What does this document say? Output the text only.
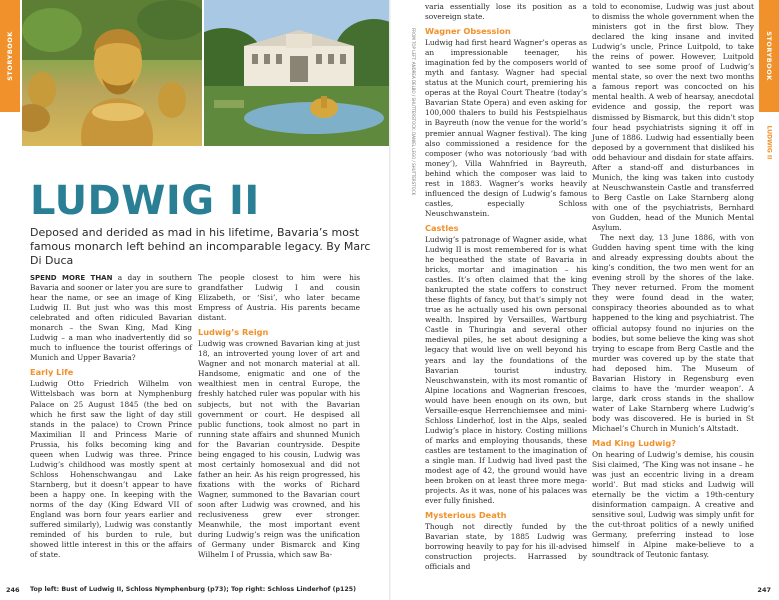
STORYBOOK	STORYBOOK
LUDWIG II
FROM TOP LEFT: ANDREA DELBO / SHUTTERSTOCK; DANIEL LEGO / SHUTTERSTOCK
LUDWIG II

Deposed and derided as mad in his lifetime, Bavaria’s most famous monarch left behind an incomparable legacy. By Marc Di Duca

SPEND MORE THAN a day in southern Bavaria and sooner or later you are sure to hear the name, or see an image of King Ludwig II. But just who was this most celebrated and often ridiculed Bavarian monarch – the Swan King, Mad King Ludwig – a man who inadvertently did so much to influence the tourist offerings of Munich and Upper Bavaria?

Early Life

Ludwig Otto Friedrich Wilhelm von Wittelsbach was born at Nymphenburg Palace on 25 August 1845 (the bed on which he first saw the light of day still stands in the palace) to Crown Prince Maximilian II and Princess Marie of Prussia, his folks becoming king and queen when Ludwig was three. Prince Ludwig’s childhood was mostly spent at Schloss Hohenschwangau and Lake Starnberg, but it doesn’t appear to have been a happy one. In keeping with the norms of the day (King Edward VII of England was born four years earlier and suffered similarly), Ludwig was constantly reminded of his burden to rule, but showed little interest in this or the affairs of state.

The people closest to him were his grandfather Ludwig I and cousin Elizabeth, or ‘Sisi’, who later became Empress of Austria. His parents became distant.

Ludwig’s Reign

Ludwig was crowned Bavarian king at just 18, an introverted young lover of art and Wagner and not monarch material at all. Handsome, enigmatic and one of the wealthiest men in central Europe, the freshly hatched ruler was popular with his subjects, but not with the Bavarian government or court. He despised all public functions, took almost no part in running state affairs and shunned Munich for the Bavarian countryside. Despite being engaged to his cousin, Ludwig was most certainly homosexual and did not father an heir. As his reign progressed, his fixations with the works of Richard Wagner, summoned to the Bavarian court soon after Ludwig was crowned, and his reclusiveness grew ever stronger. Meanwhile, the most important event during Ludwig’s reign was the unification of Germany under Bismarck and King Wilhelm I of Prussia, which saw Ba-

varia essentially lose its position as a sovereign state.

Wagner Obsession

Ludwig had first heard Wagner’s operas as an impressionable teenager, his imagination fed by the composers world of myth and fantasy. Wagner had special status at the Munich court, premiering his operas at the Royal Court Theatre (today’s Bavarian State Opera) and even asking for 100,000 thalers to build his Festspielhaus in Bayreuth (now the venue for the world’s premier annual Wagner festival). The king also commissioned a residence for the composer (who was notoriously ‘bad with money’), Villa Wahnfried in Bayreuth, behind which the composer was laid to rest in 1883. Wagner’s works heavily influenced the design of Ludwig’s famous castles, especially Schloss Neuschwanstein.

Castles

Ludwig’s patronage of Wagner aside, what Ludwig II is most remembered for is what he bequeathed the state of Bavaria in bricks, mortar and imagination – his castles. It’s often claimed that the king bankrupted the state coffers to construct these flights of fancy, but that’s simply not true as he actually used his own personal wealth. Inspired by Versailles, Wartburg Castle in Thuringia and several other medieval piles, he set about designing a legacy that would live on well beyond his years and lay the foundations of the Bavarian tourist industry. Neuschwanstein, with its most romantic of Alpine locations and Wagnerian frescoes, would have been enough on its own, but Versaille-esque Herrenchiemsee and mini-Schloss Linderhof, lost in the Alps, sealed Ludwig’s place in history. Costing millions of marks and employing thousands, these castles are testament to the imagination of a single man. If Ludwig had lived past the modest age of 42, the ground would have been broken on at least three more mega-projects. As it was, none of his palaces was ever fully finished.

Mysterious Death

Though not directly funded by the Bavarian state, by 1885 Ludwig was borrowing heavily to pay for his ill-advised construction projects. Harrassed by officials and

told to economise, Ludwig was just about to dismiss the whole government when the ministers got in the first blow. They declared the king insane and invited Ludwig’s uncle, Prince Luitpold, to take the reins of power. However, Luitpold wanted to see some proof of Ludwig’s mental state, so over the next two months a famous report was concocted on his mental health. A web of hearsay, anecdotal evidence and gossip, the report was dismissed by Bismarck, but this didn’t stop four head psychiatrists signing it off in June of 1886. Ludwig had essentially been deposed by a government that disliked his odd behaviour and disdain for state affairs. After a stand-off and disturbances in Munich, the king was taken into custody at Neuschwanstein Castle and transferred to Berg Castle on Lake Starnberg along with one of the psychiatrists, Bernhard von Gudden, head of the Munich Mental Asylum.

The next day, 13 June 1886, with von Gudden having spent time with the king and already expressing doubts about the king’s condition, the two men went for an evening stroll by the shores of the lake. They never returned. From the moment they were found dead in the water, conspiracy theories abounded as to what happened to the king and psychiatrist. The official autopsy found no injuries on the bodies, but some believe the king was shot trying to escape from Berg Castle and the murder was covered up by the state that had deposed him. The Museum of Bavarian History in Regensburg even claims to have the ‘murder weapon’. A large, dark cross stands in the shallow water of Lake Starnberg where Ludwig’s body was discovered. He is buried in St Michael’s Church in Munich’s Altstadt.

Mad King Ludwig?

On hearing of Ludwig’s demise, his cousin Sisi claimed, ‘The King was not insane – he was just an eccentric living in a dream world’. But mad sticks and Ludwig will eternally be the victim a 19th-century disinformation campaign. A creative and sensitive soul, Ludwig was simply unfit for the cut-throat politics of a newly unified Germany, preferring instead to lose himself in Alpine make-believe to a soundtrack of Teutonic fantasy.

246 Top left: Bust of Ludwig II, Schloss Nymphenburg (p73); Top right: Schloss Linderhof (p125)	247
